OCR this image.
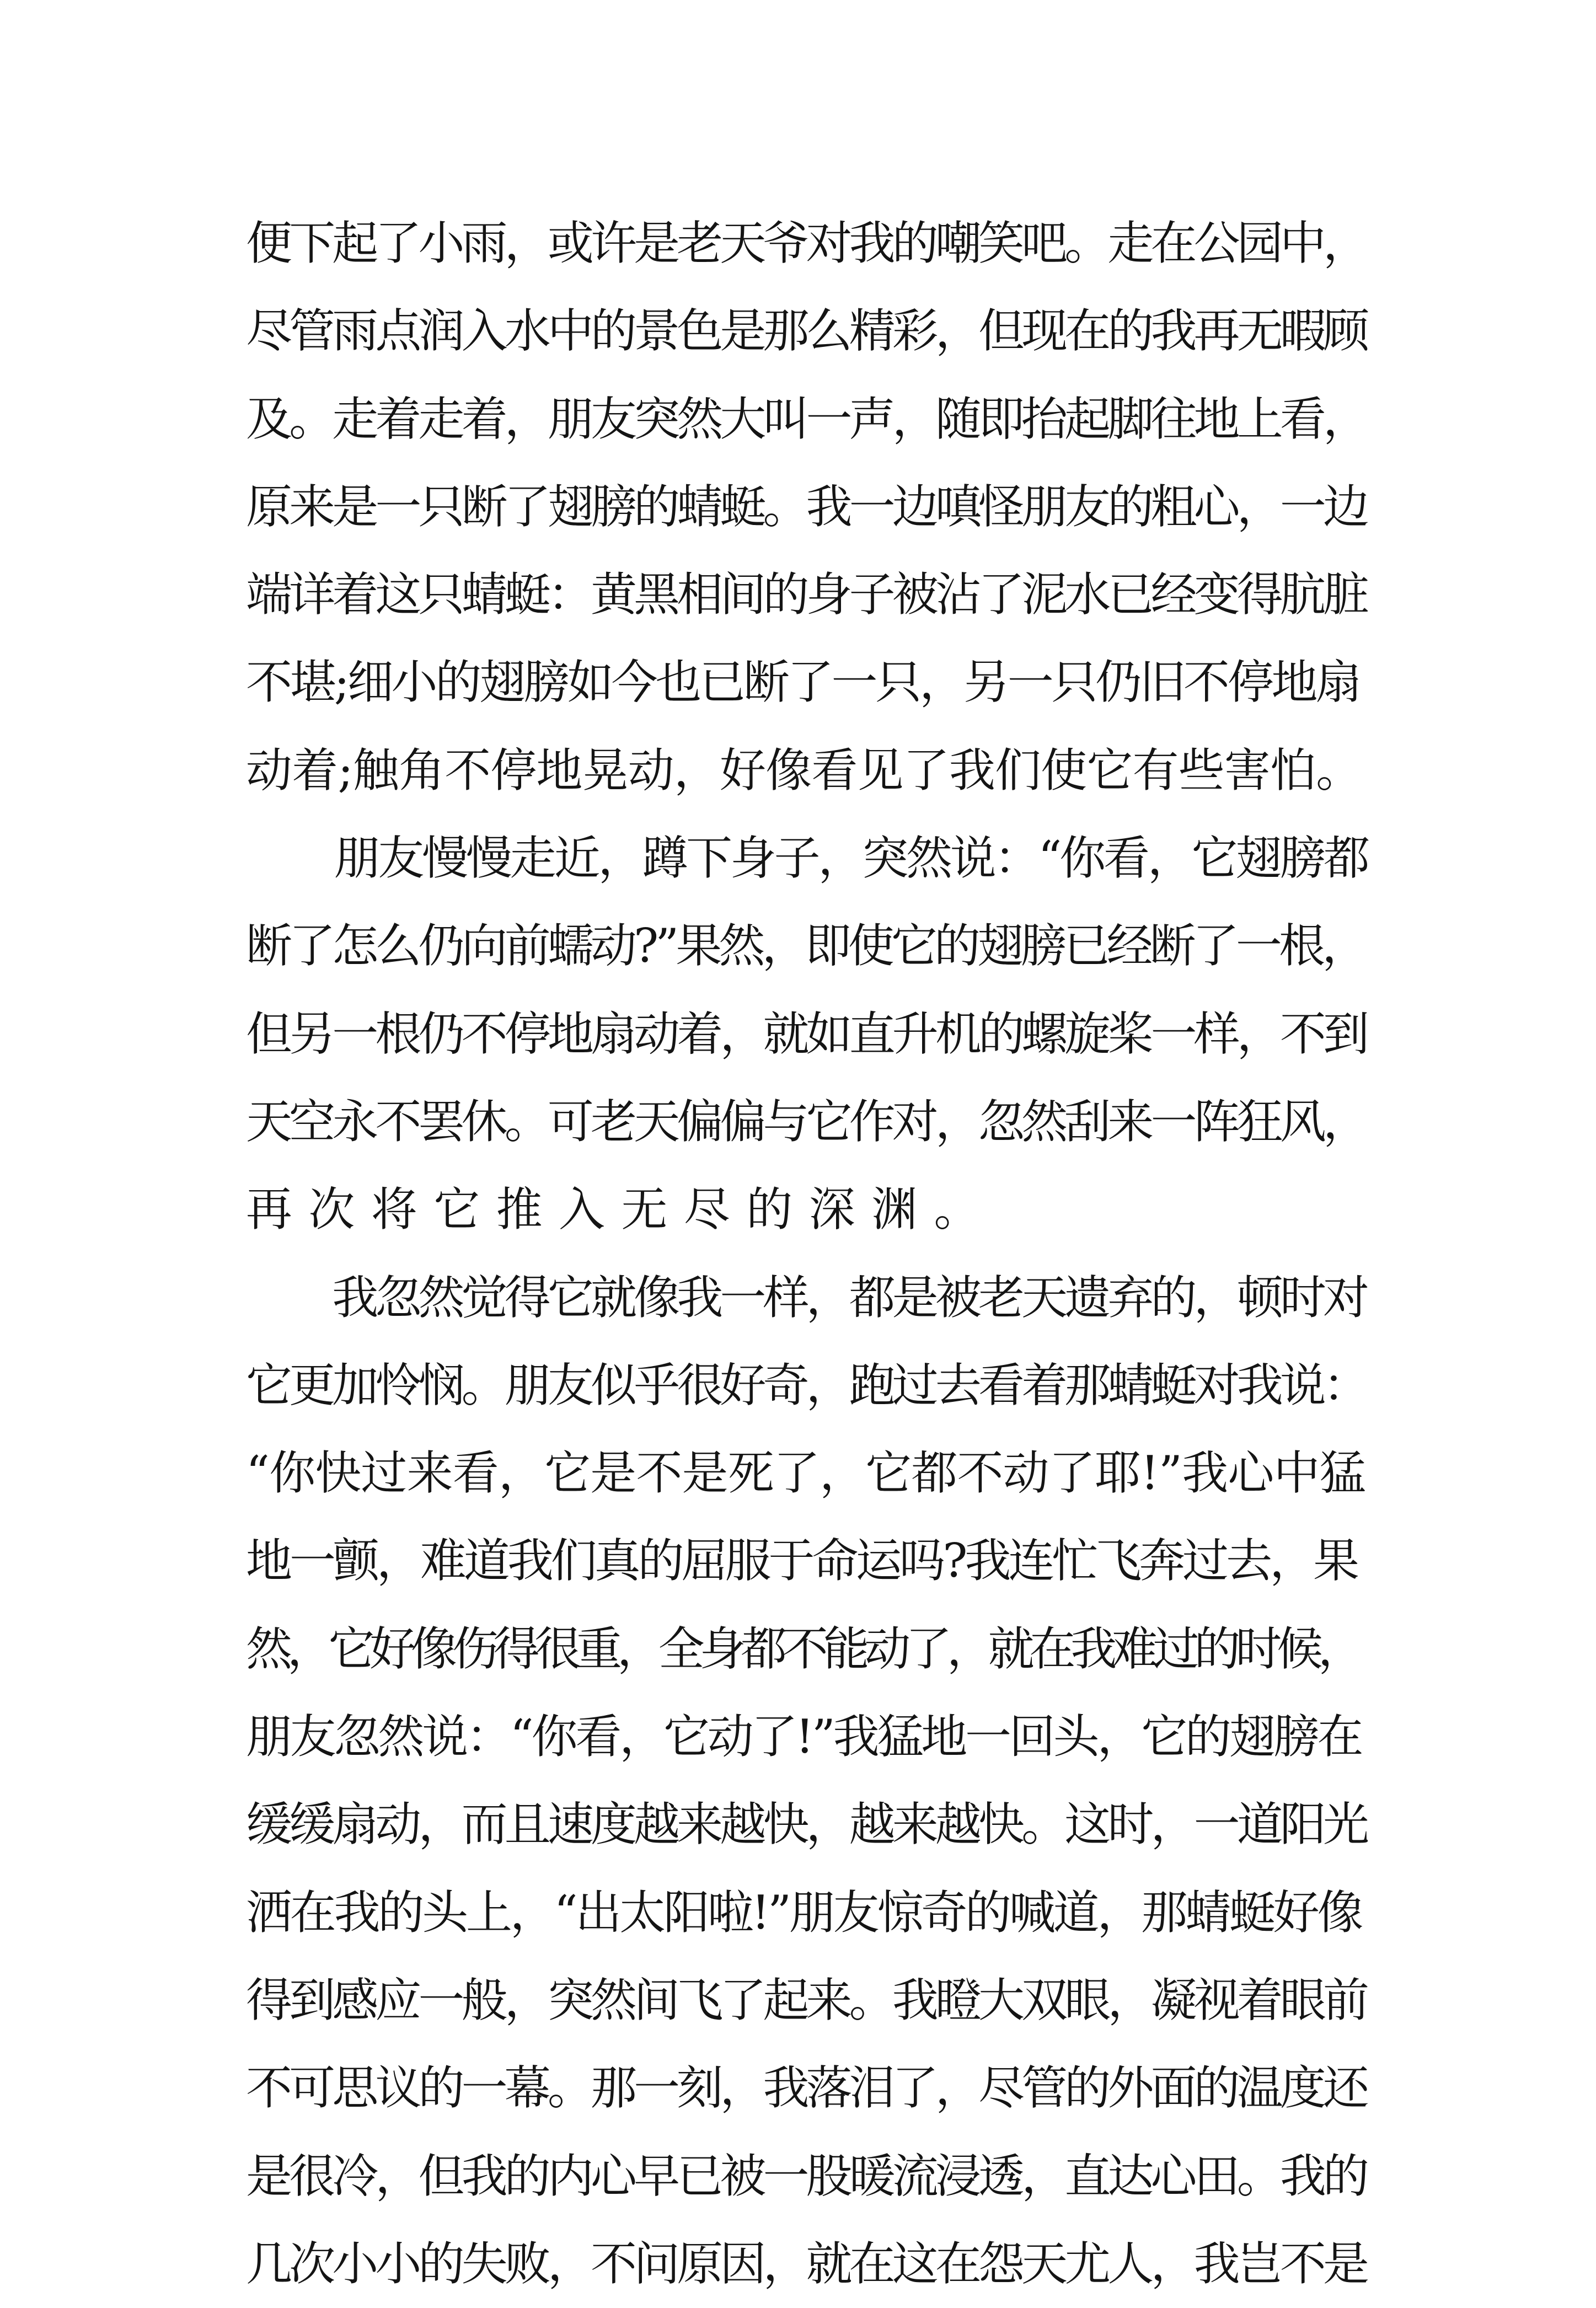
便下起了小雨，或许是老天爷对我的嘲笑吧。走在公园中，
尽管雨点润入水中的景色是那么精彩，但现在的我再无暇顾
及。走着走着，朋友突然大叫一声，随即抬起脚往地上看，
原来是一只断了翅膀的蜻蜓。我一边嗔怪朋友的粗心，一边
端详着这只蜻蜓：黄黑相间的身子被沾了泥水已经变得肮脏
不堪;细小的翅膀如今也已断了一只，另一只仍旧不停地扇
动着;触角不停地晃动，好像看见了我们使它有些害怕。
　　朋友慢慢走近，蹲下身子，突然说：“你看，它翅膀都
断了怎么仍向前蠕动?”果然，即使它的翅膀已经断了一根，
但另一根仍不停地扇动着，就如直升机的螺旋桨一样，不到
天空永不罢休。可老天偏偏与它作对，忽然刮来一阵狂风，
再次将它推入无尽的深渊。
　　我忽然觉得它就像我一样，都是被老天遗弃的，顿时对
它更加怜悯。朋友似乎很好奇，跑过去看着那蜻蜓对我说：
“你快过来看，它是不是死了，它都不动了耶!”我心中猛
地一颤，难道我们真的屈服于命运吗?我连忙飞奔过去，果
然，它好像伤得很重，全身都不能动了，就在我难过的时候，
朋友忽然说：“你看，它动了!”我猛地一回头，它的翅膀在
缓缓扇动，而且速度越来越快，越来越快。这时，一道阳光
洒在我的头上，“出太阳啦!”朋友惊奇的喊道，那蜻蜓好像
得到感应一般，突然间飞了起来。我瞪大双眼，凝视着眼前
不可思议的一幕。那一刻，我落泪了，尽管的外面的温度还
是很冷，但我的内心早已被一股暖流浸透，直达心田。我的
几次小小的失败，不问原因，就在这在怨天尤人，我岂不是
